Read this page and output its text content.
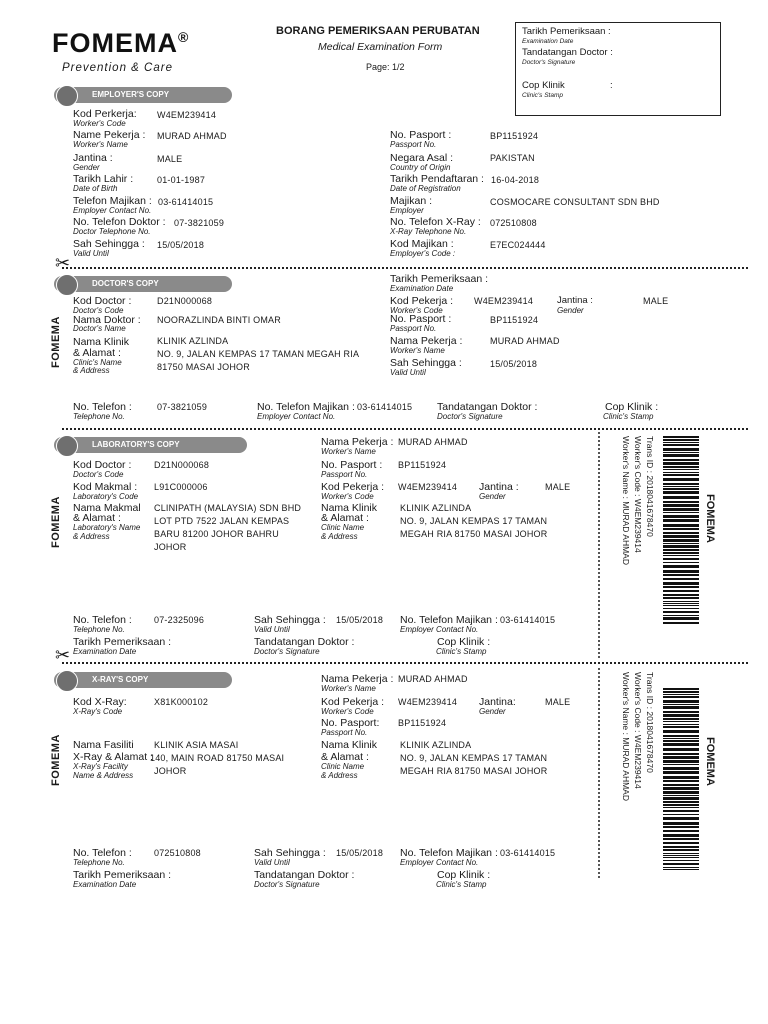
FOMEMA®
Prevention & Care
BORANG PEMERIKSAAN PERUBATAN
Medical Examination Form
Page: 1/2
Tarikh Pemeriksaan :
Examination Date
Tandatangan Doctor :
Doctor's Signature
Cop Klinik	:
Clinic's Stamp
EMPLOYER'S COPY
Kod Perkerja:
Worker's Code
W4EM239414
Name Pekerja :
Worker's Name
MURAD AHMAD
Jantina :
Gender
MALE
Tarikh Lahir :
Date of Birth
01-01-1987
Telefon Majikan :
Employer Contact No.
03-61414015
No. Telefon Doktor :
Doctor Telephone No.
07-3821059
Sah Sehingga :
Valid Until
15/05/2018
No. Pasport :
Passport No.
BP1151924
Negara Asal :
Country of Origin
PAKISTAN
Tarikh Pendaftaran :
Date of Registration
16-04-2018
Majikan :
Employer
COSMOCARE CONSULTANT SDN BHD
No. Telefon X-Ray :
X-Ray Telephone No.
072510808
Kod Majikan :
Employer's Code :
E7EC024444
✂
DOCTOR'S COPY
FOMEMA
Tarikh Pemeriksaan :
Examination Date
Kod Doctor :
Doctor's Code
D21N000068
Nama Doktor :
Doctor's Name
NOORAZLINDA BINTI OMAR
Nama Klinik
& Alamat :
Clinic's Name
& Address
KLINIK AZLINDA
NO. 9, JALAN KEMPAS 17 TAMAN MEGAH RIA
81750 MASAI JOHOR
Kod Pekerja :
Worker's Code
W4EM239414	Jantina :
Gender
MALE
No. Pasport :
Passport No.
BP1151924
Nama Pekerja :
Worker's Name
MURAD AHMAD
Sah Sehingga :
Valid Until
15/05/2018
No. Telefon :
Telephone No.
07-3821059	No. Telefon Majikan :
Employer Contact No.
03-61414015 Tandatangan Doktor :
Doctor's Signature
Cop Klinik :
Clinic's Stamp
LABORATORY'S COPY
FOMEMA
Nama Pekerja :
Worker's Name
MURAD AHMAD
Kod Doctor :
Doctor's Code
D21N000068	No. Pasport :
Passport No.
BP1151924
Kod Makmal :
Laboratory's Code
L91C000006	Kod Pekerja :
Worker's Code
W4EM239414 Jantina :
Gender
MALE
Nama Makmal
& Alamat :
Laboratory's Name
& Address
CLINIPATH (MALAYSIA) SDN BHD
LOT PTD 7522 JALAN KEMPAS
BARU 81200 JOHOR BAHRU
JOHOR
Nama Klinik
& Alamat :
Clinic Name
& Address
KLINIK AZLINDA
NO. 9, JALAN KEMPAS 17 TAMAN
MEGAH RIA 81750 MASAI JOHOR
No. Telefon :
Telephone No.
07-2325096	Sah Sehingga :
Valid Until
15/05/2018 No. Telefon Majikan :
Employer Contact No.
03-61414015
Tarikh Pemeriksaan :
Examination Date
Tandatangan Doktor :
Doctor's Signature
Cop Klinik :
Clinic's Stamp
✂
Trans ID : 2018041678470
Worker's Code : W4EM239414
Worker's Name : MURAD AHMAD	FOMEMA
X-RAY'S COPY
FOMEMA
Nama Pekerja :
Worker's Name
MURAD AHMAD
Kod X-Ray:
X-Ray's Code
X81K000102	Kod Pekerja :
Worker's Code
W4EM239414 Jantina:
Gender
MALE
No. Pasport:
Passport No.
BP1151924
Nama Fasiliti
X-Ray & Alamat :
X-Ray's Facility
Name & Address
KLINIK ASIA MASAI
140, MAIN ROAD 81750 MASAI
JOHOR
Nama Klinik
& Alamat :
Clinic Name
& Address
KLINIK AZLINDA
NO. 9, JALAN KEMPAS 17 TAMAN
MEGAH RIA 81750 MASAI JOHOR
No. Telefon :
Telephone No.
072510808	Sah Sehingga :
Valid Until
15/05/2018 No. Telefon Majikan :
Employer Contact No.
03-61414015
Tarikh Pemeriksaan :
Examination Date
Tandatangan Doktor :
Doctor's Signature
Cop Klinik :
Clinic's Stamp
Trans ID : 2018041678470
Worker's Code : W4EM239414
Worker's Name : MURAD AHMAD	FOMEMA
